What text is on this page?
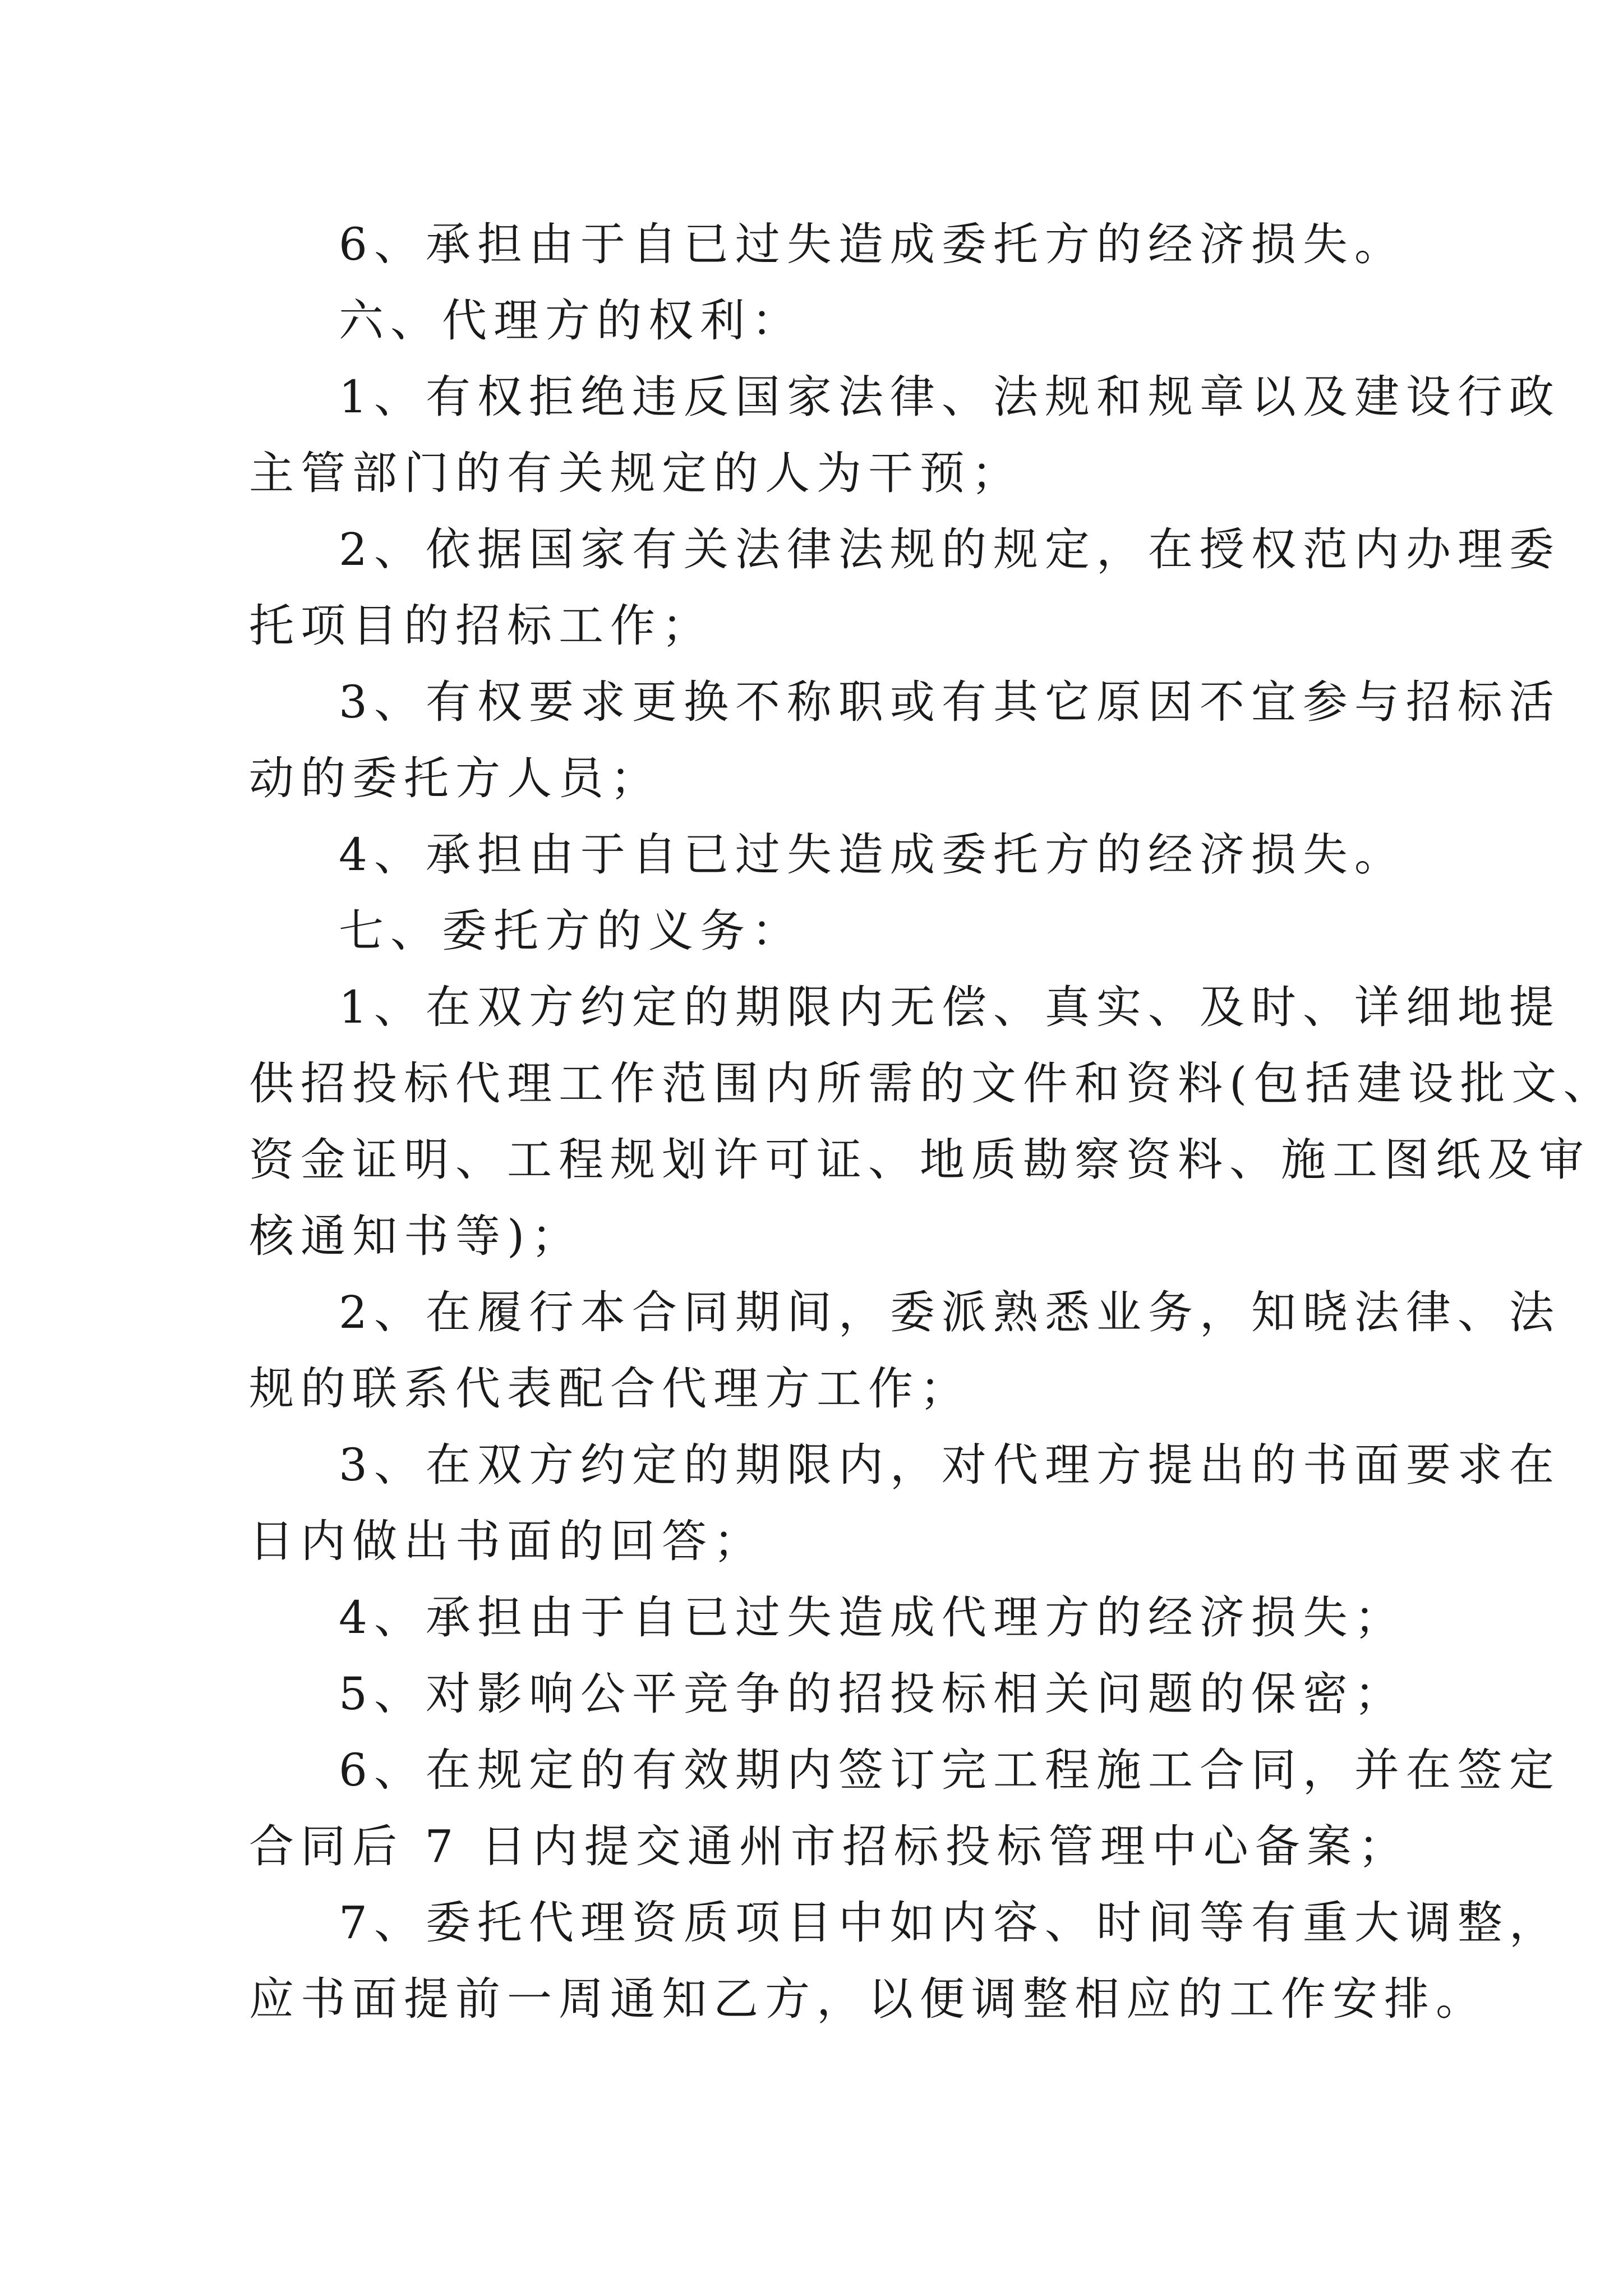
6、承担由于自已过失造成委托方的经济损失。

六、代理方的权利：

1、有权拒绝违反国家法律、法规和规章以及建设行政

主管部门的有关规定的人为干预；

2、依据国家有关法律法规的规定，在授权范内办理委

托项目的招标工作；

3、有权要求更换不称职或有其它原因不宜参与招标活

动的委托方人员；

4、承担由于自已过失造成委托方的经济损失。

七、委托方的义务：

1、在双方约定的期限内无偿、真实、及时、详细地提

供招投标代理工作范围内所需的文件和资料(包括建设批文、

资金证明、工程规划许可证、地质勘察资料、施工图纸及审

核通知书等)；

2、在履行本合同期间，委派熟悉业务，知晓法律、法

规的联系代表配合代理方工作；

3、在双方约定的期限内，对代理方提出的书面要求在

日内做出书面的回答；

4、承担由于自已过失造成代理方的经济损失；

5、对影响公平竞争的招投标相关问题的保密；

6、在规定的有效期内签订完工程施工合同，并在签定

合同后 7 日内提交通州市招标投标管理中心备案；

7、委托代理资质项目中如内容、时间等有重大调整，

应书面提前一周通知乙方，以便调整相应的工作安排。
